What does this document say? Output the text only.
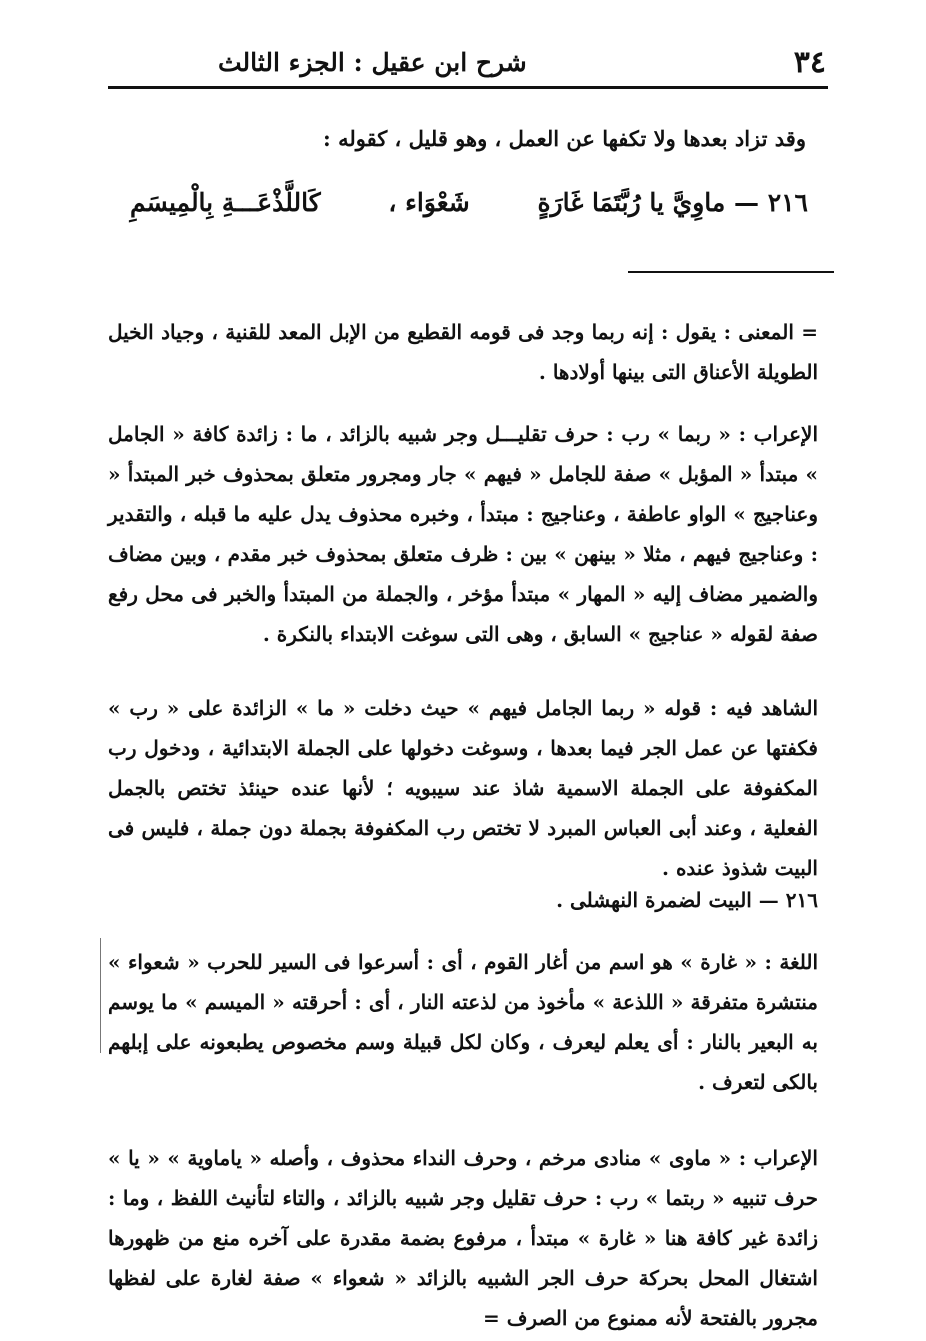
٣٤
شرح ابن عقيل : الجزء الثالث
وقد تزاد بعدها ولا تكفها عن العمل ، وهو قليل ، كقوله :
٢١٦ — ماوِيَّ يا رُبَّتَمَا غَارَةٍ
شَعْوَاء ،
كَاللَّذْعَـــةِ بِالْمِيسَمِ
= المعنى : يقول : إنه ربما وجد فى قومه القطيع من الإبل المعد للقنية ، وجياد الخيل الطويلة الأعناق التى بينها أولادها .
الإعراب : « ربما » رب : حرف تقليـــل وجر شبيه بالزائد ، ما : زائدة كافة « الجامل » مبتدأ « المؤبل » صفة للجامل « فيهم » جار ومجرور متعلق بمحذوف خبر المبتدأ « وعناجيج » الواو عاطفة ، وعناجيج : مبتدأ ، وخبره محذوف يدل عليه ما قبله ، والتقدير : وعناجيج فيهم ، مثلا « بينهن » بين : ظرف متعلق بمحذوف خبر مقدم ، وبين مضاف والضمير مضاف إليه « المهار » مبتدأ مؤخر ، والجملة من المبتدأ والخبر فى محل رفع صفة لقوله « عناجيج » السابق ، وهى التى سوغت الابتداء بالنكرة .
الشاهد فيه : قوله « ربما الجامل فيهم » حيث دخلت « ما » الزائدة على « رب » فكفتها عن عمل الجر فيما بعدها ، وسوغت دخولها على الجملة الابتدائية ، ودخول رب المكفوفة على الجملة الاسمية شاذ عند سيبويه ؛ لأنها عنده حينئذ تختص بالجمل الفعلية ، وعند أبى العباس المبرد لا تختص رب المكفوفة بجملة دون جملة ، فليس فى البيت شذوذ عنده .
٢١٦ — البيت لضمرة النهشلى .
اللغة : « غارة » هو اسم من أغار القوم ، أى : أسرعوا فى السير للحرب « شعواء » منتشرة متفرقة « اللذعة » مأخوذ من لذعته النار ، أى : أحرقته « الميسم » ما يوسم به البعير بالنار : أى يعلم ليعرف ، وكان لكل قبيلة وسم مخصوص يطبعونه على إبلهم بالكى لتعرف .
الإعراب : « ماوى » منادى مرخم ، وحرف النداء محذوف ، وأصله « ياماوية » « يا » حرف تنبيه « ربتما » رب : حرف تقليل وجر شبيه بالزائد ، والتاء لتأنيث اللفظ ، وما : زائدة غير كافة هنا « غارة » مبتدأ ، مرفوع بضمة مقدرة على آخره منع من ظهورها اشتغال المحل بحركة حرف الجر الشبيه بالزائد « شعواء » صفة لغارة على لفظها مجرور بالفتحة لأنه ممنوع من الصرف =
